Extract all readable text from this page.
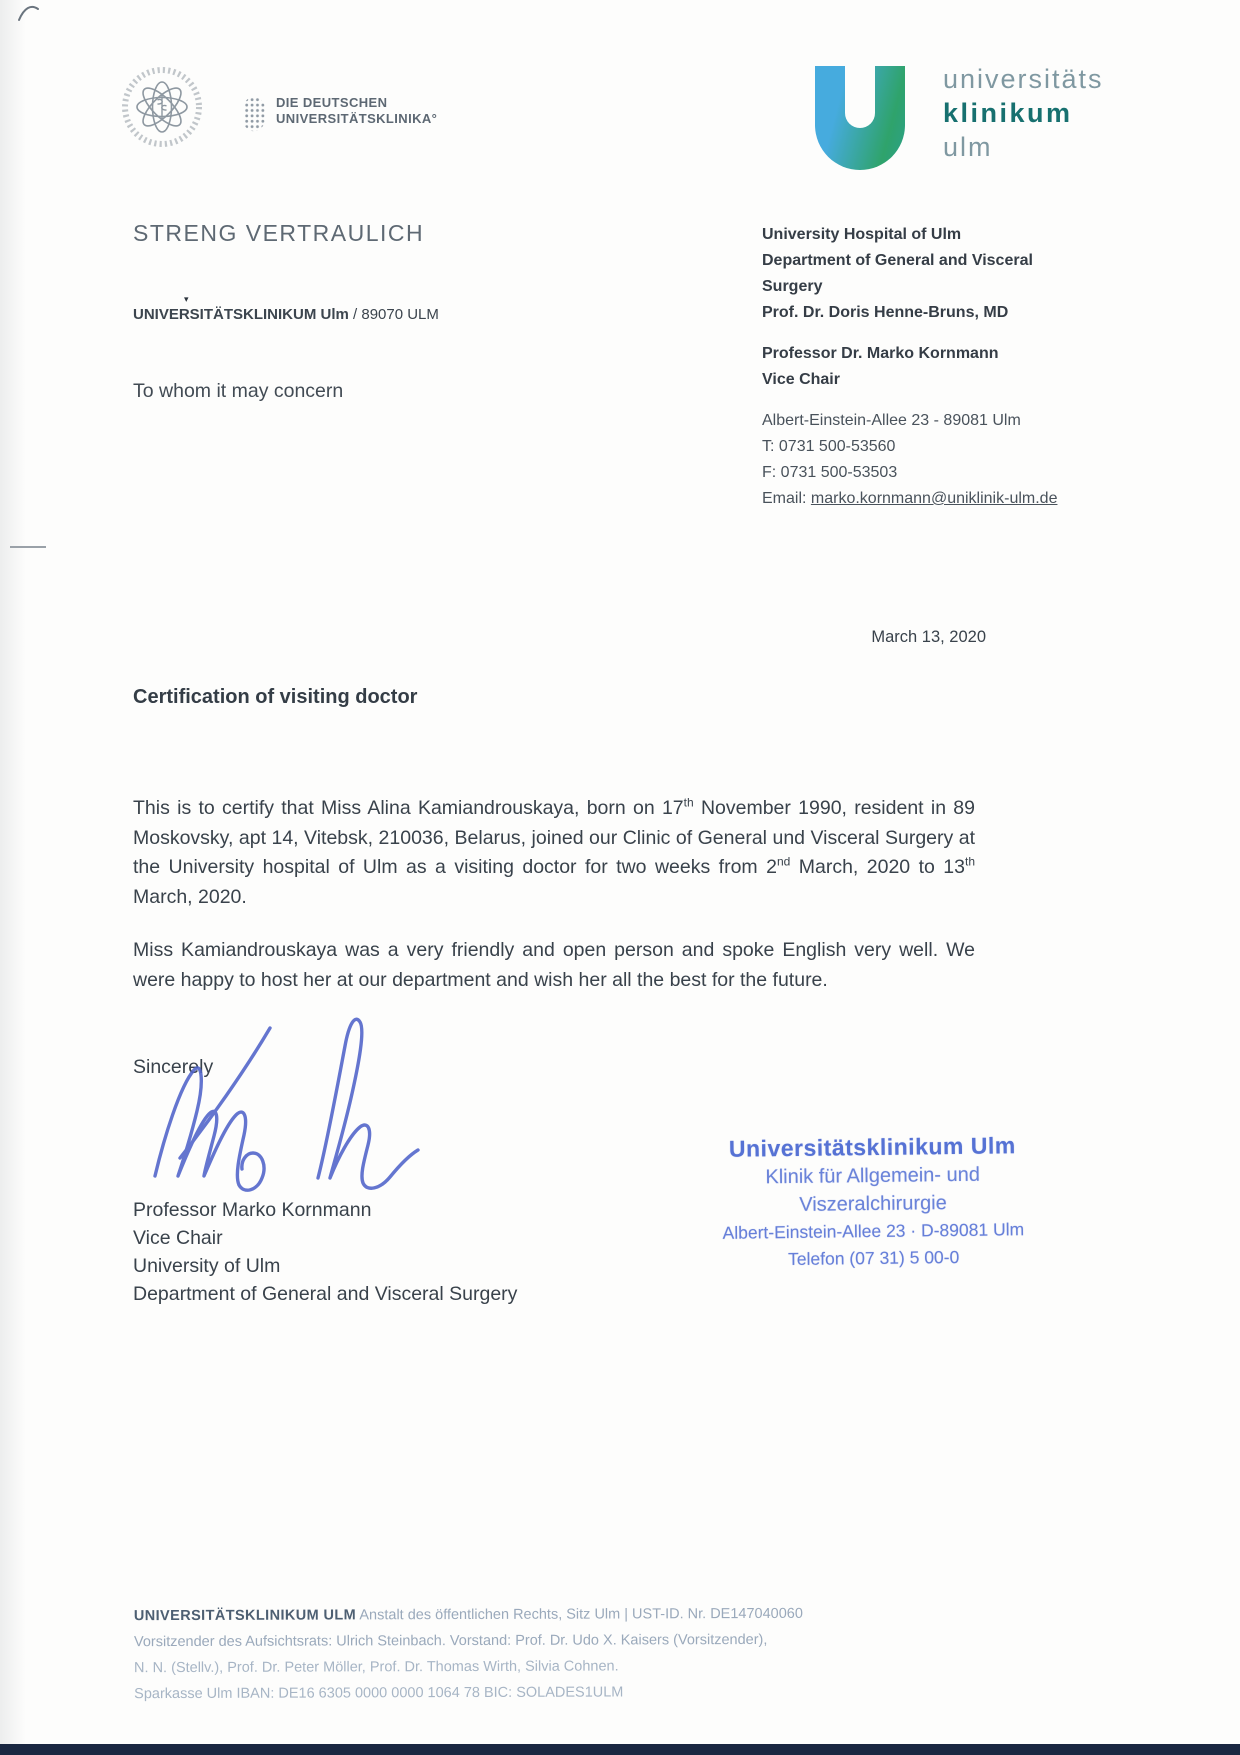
DIE DEUTSCHEN
UNIVERSITÄTSKLINIKA°
universitäts
klinikum
ulm
STRENG VERTRAULICH
▾
UNIVERSITÄTSKLINIKUM Ulm / 89070 ULM
To whom it may concern
University Hospital of Ulm
Department of General and Visceral
Surgery
Prof. Dr. Doris Henne-Bruns, MD
Professor Dr. Marko Kornmann
Vice Chair
Albert-Einstein-Allee 23 - 89081 Ulm
T: 0731 500-53560
F: 0731 500-53503
Email: marko.kornmann@uniklinik-ulm.de
March 13, 2020
Certification of visiting doctor
This is to certify that Miss Alina Kamiandrouskaya, born on 17th November 1990, resident in 89 Moskovsky, apt 14, Vitebsk, 210036, Belarus, joined our Clinic of General und Visceral Surgery at the University hospital of Ulm as a visiting doctor for two weeks from 2nd March, 2020 to 13th March, 2020.
Miss Kamiandrouskaya was a very friendly and open person and spoke English very well. We were happy to host her at our department and wish her all the best for the future.
Sincerely
Universitätsklinikum Ulm
Klinik für Allgemein- und
Viszeralchirurgie
Albert-Einstein-Allee 23 · D-89081 Ulm
Telefon (07 31) 5 00-0
Professor Marko Kornmann
Vice Chair
University of Ulm
Department of General and Visceral Surgery
UNIVERSITÄTSKLINIKUM ULM Anstalt des öffentlichen Rechts, Sitz Ulm | UST-ID. Nr. DE147040060
Vorsitzender des Aufsichtsrats: Ulrich Steinbach. Vorstand: Prof. Dr. Udo X. Kaisers (Vorsitzender),
N. N. (Stellv.), Prof. Dr. Peter Möller, Prof. Dr. Thomas Wirth, Silvia Cohnen.
Sparkasse Ulm IBAN: DE16 6305 0000 0000 1064 78 BIC: SOLADES1ULM
